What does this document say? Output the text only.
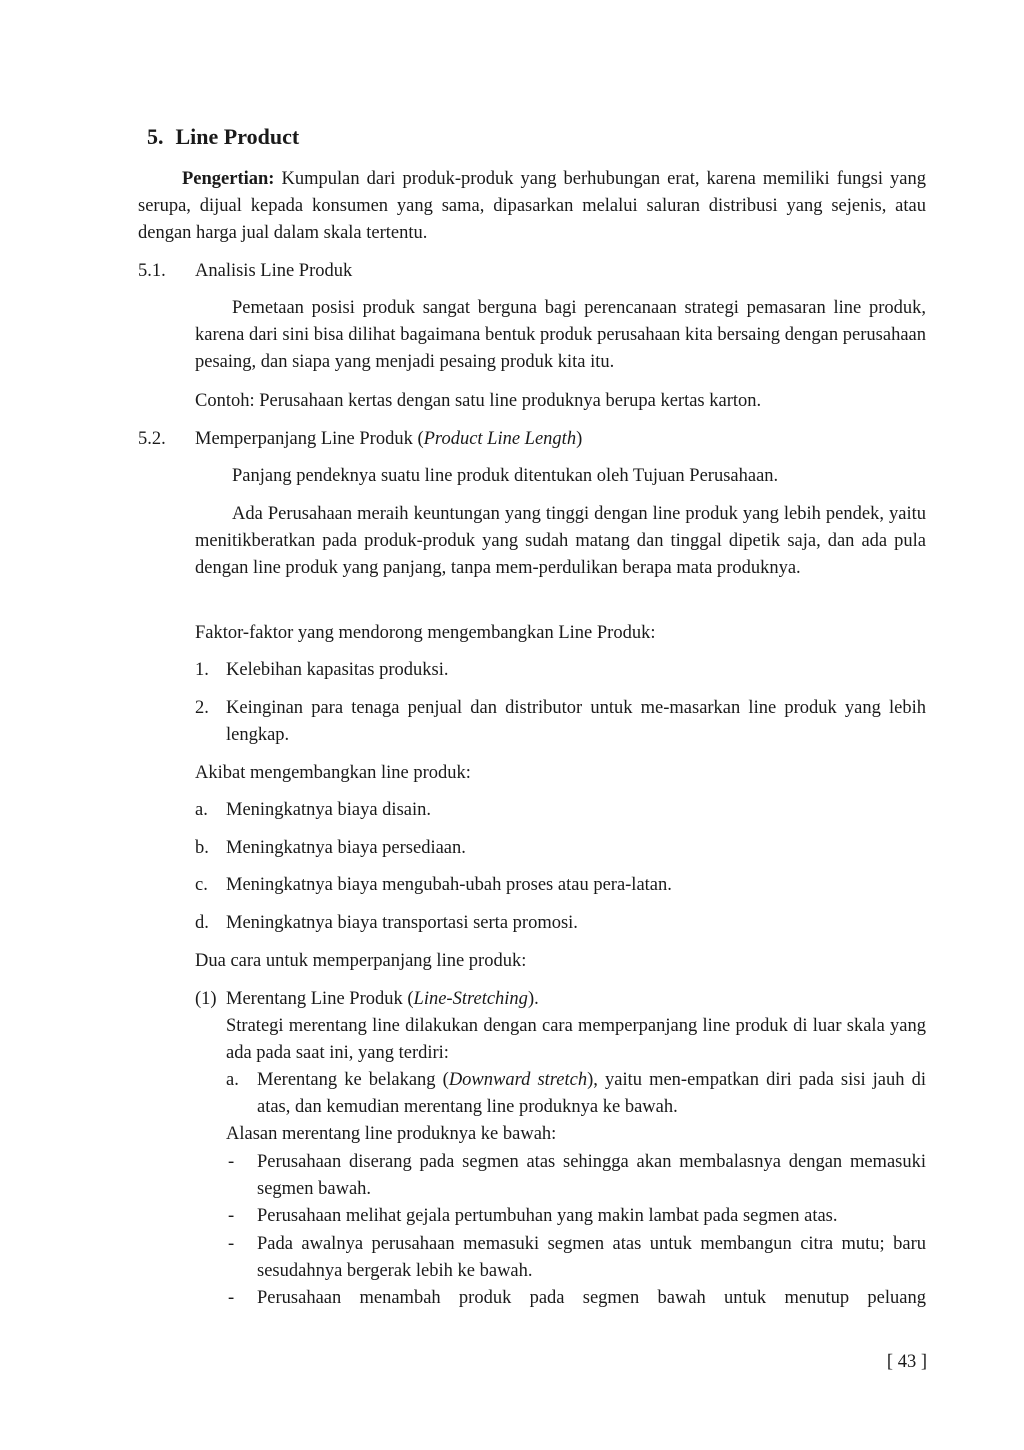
5. Line Product
Pengertian: Kumpulan dari produk-produk yang berhubungan erat, karena memiliki fungsi yang serupa, dijual kepada konsumen yang sama, dipasarkan melalui saluran distribusi yang sejenis, atau dengan harga jual dalam skala tertentu.
5.1. Analisis Line Produk
Pemetaan posisi produk sangat berguna bagi perencanaan strategi pemasaran line produk, karena dari sini bisa dilihat bagaimana bentuk produk perusahaan kita bersaing dengan perusahaan pesaing, dan siapa yang menjadi pesaing produk kita itu.
Contoh: Perusahaan kertas dengan satu line produknya berupa kertas karton.
5.2. Memperpanjang Line Produk (Product Line Length)
Panjang pendeknya suatu line produk ditentukan oleh Tujuan Perusahaan.
Ada Perusahaan meraih keuntungan yang tinggi dengan line produk yang lebih pendek, yaitu menitikberatkan pada produk-produk yang sudah matang dan tinggal dipetik saja, dan ada pula dengan line produk yang panjang, tanpa mem-perdulikan berapa mata produknya.
Faktor-faktor yang mendorong mengembangkan Line Produk:
1. Kelebihan kapasitas produksi.
2. Keinginan para tenaga penjual dan distributor untuk me-masarkan line produk yang lebih lengkap.
Akibat mengembangkan line produk:
a. Meningkatnya biaya disain.
b. Meningkatnya biaya persediaan.
c. Meningkatnya biaya mengubah-ubah proses atau pera-latan.
d. Meningkatnya biaya transportasi serta promosi.
Dua cara untuk memperpanjang line produk:
(1) Merentang Line Produk (Line-Stretching).
Strategi merentang line dilakukan dengan cara memperpanjang line produk di luar skala yang ada pada saat ini, yang terdiri:
a. Merentang ke belakang (Downward stretch), yaitu men-empatkan diri pada sisi jauh di atas, dan kemudian merentang line produknya ke bawah.
Alasan merentang line produknya ke bawah:
- Perusahaan diserang pada segmen atas sehingga akan membalasnya dengan memasuki segmen bawah.
- Perusahaan melihat gejala pertumbuhan yang makin lambat pada segmen atas.
- Pada awalnya perusahaan memasuki segmen atas untuk membangun citra mutu; baru sesudahnya bergerak lebih ke bawah.
- Perusahaan menambah produk pada segmen bawah untuk menutup peluang
[ 43 ]
